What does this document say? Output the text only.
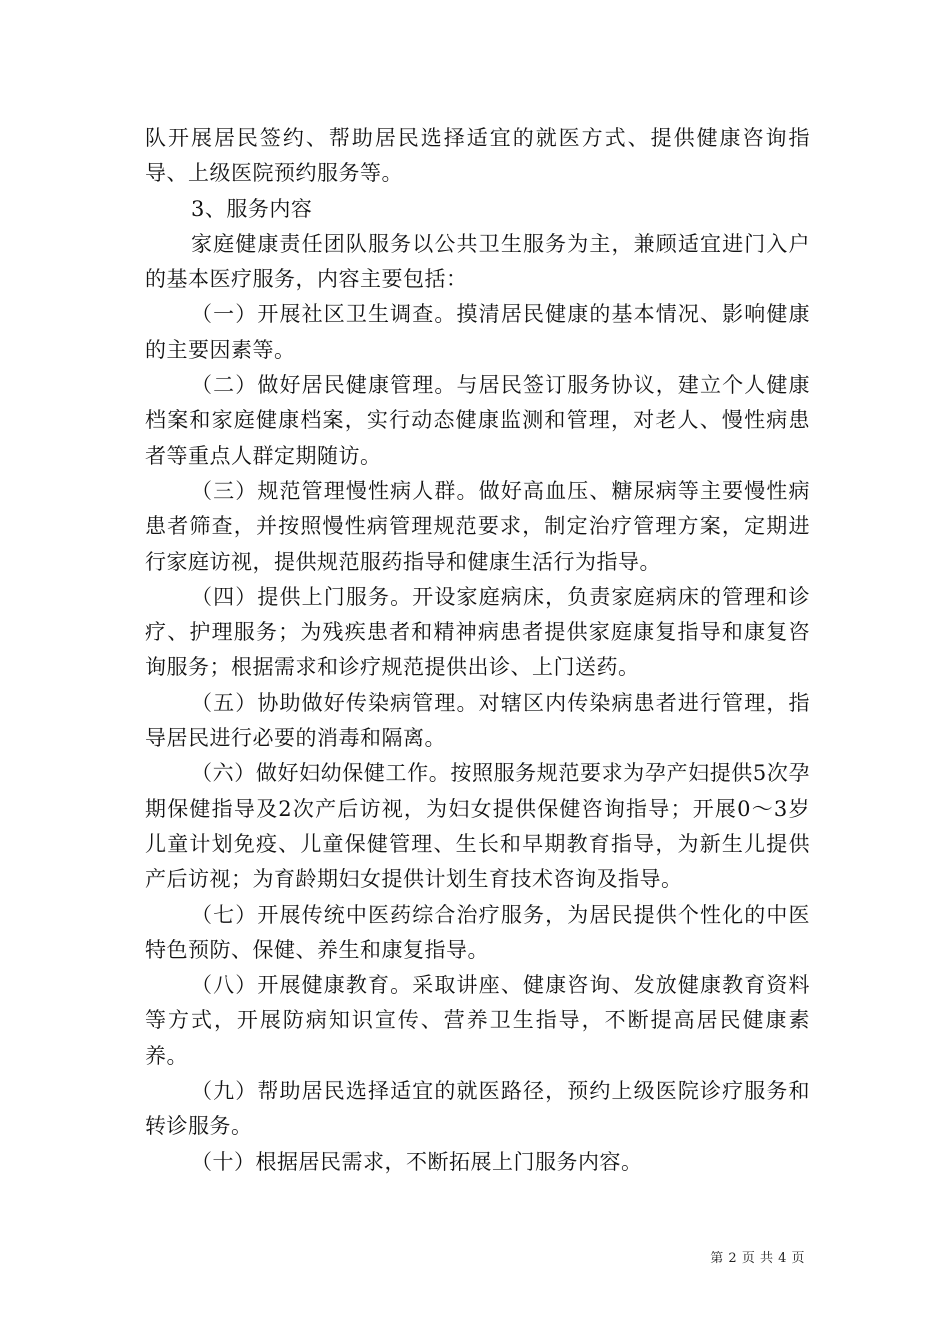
队开展居民签约、帮助居民选择适宜的就医方式、提供健康咨询指导、上级医院预约服务等。

3、服务内容

家庭健康责任团队服务以公共卫生服务为主，兼顾适宜进门入户的基本医疗服务，内容主要包括：

（一）开展社区卫生调查。摸清居民健康的基本情况、影响健康的主要因素等。

（二）做好居民健康管理。与居民签订服务协议，建立个人健康档案和家庭健康档案，实行动态健康监测和管理，对老人、慢性病患者等重点人群定期随访。

（三）规范管理慢性病人群。做好高血压、糖尿病等主要慢性病患者筛查，并按照慢性病管理规范要求，制定治疗管理方案，定期进行家庭访视，提供规范服药指导和健康生活行为指导。

（四）提供上门服务。开设家庭病床，负责家庭病床的管理和诊疗、护理服务；为残疾患者和精神病患者提供家庭康复指导和康复咨询服务；根据需求和诊疗规范提供出诊、上门送药。

（五）协助做好传染病管理。对辖区内传染病患者进行管理，指导居民进行必要的消毒和隔离。

（六）做好妇幼保健工作。按照服务规范要求为孕产妇提供5次孕期保健指导及2次产后访视，为妇女提供保健咨询指导；开展0～3岁儿童计划免疫、儿童保健管理、生长和早期教育指导，为新生儿提供产后访视；为育龄期妇女提供计划生育技术咨询及指导。

（七）开展传统中医药综合治疗服务，为居民提供个性化的中医特色预防、保健、养生和康复指导。

（八）开展健康教育。采取讲座、健康咨询、发放健康教育资料等方式，开展防病知识宣传、营养卫生指导，不断提高居民健康素养。

（九）帮助居民选择适宜的就医路径，预约上级医院诊疗服务和转诊服务。

（十）根据居民需求，不断拓展上门服务内容。

第 2 页 共 4 页
